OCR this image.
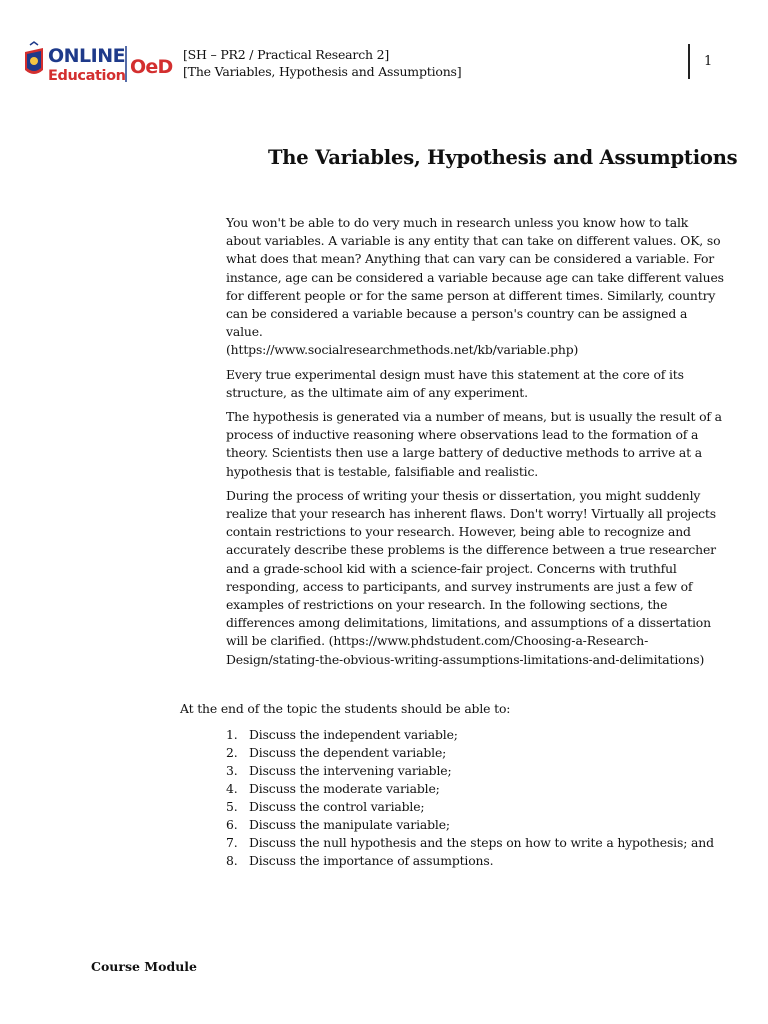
ONLINE
Education OeD
[SH – PR2 / Practical Research 2]
[The Variables, Hypothesis and Assumptions]
1
The Variables, Hypothesis and Assumptions

You won't be able to do very much in research unless you know how to talk about variables. A variable is any entity that can take on different values. OK, so what does that mean? Anything that can vary can be considered a variable. For instance, age can be considered a variable because age can take different values for different people or for the same person at different times. Similarly, country can be considered a variable because a person's country can be assigned a value.
(https://www.socialresearchmethods.net/kb/variable.php)

Every true experimental design must have this statement at the core of its structure, as the ultimate aim of any experiment.

The hypothesis is generated via a number of means, but is usually the result of a process of inductive reasoning where observations lead to the formation of a theory. Scientists then use a large battery of deductive methods to arrive at a hypothesis that is testable, falsifiable and realistic.

During the process of writing your thesis or dissertation, you might suddenly realize that your research has inherent flaws. Don't worry! Virtually all projects contain restrictions to your research. However, being able to recognize and accurately describe these problems is the difference between a true researcher and a grade-school kid with a science-fair project. Concerns with truthful responding, access to participants, and survey instruments are just a few of examples of restrictions on your research. In the following sections, the differences among delimitations, limitations, and assumptions of a dissertation will be clarified. (https://www.phdstudent.com/Choosing-a-Research-Design/stating-the-obvious-writing-assumptions-limitations-and-delimitations)

At the end of the topic the students should be able to:
1. Discuss the independent variable;
2. Discuss the dependent variable;
3. Discuss the intervening variable;
4. Discuss the moderate variable;
5. Discuss the control variable;
6. Discuss the manipulate variable;
7. Discuss the null hypothesis and the steps on how to write a hypothesis; and
8. Discuss the importance of assumptions.
Course Module
